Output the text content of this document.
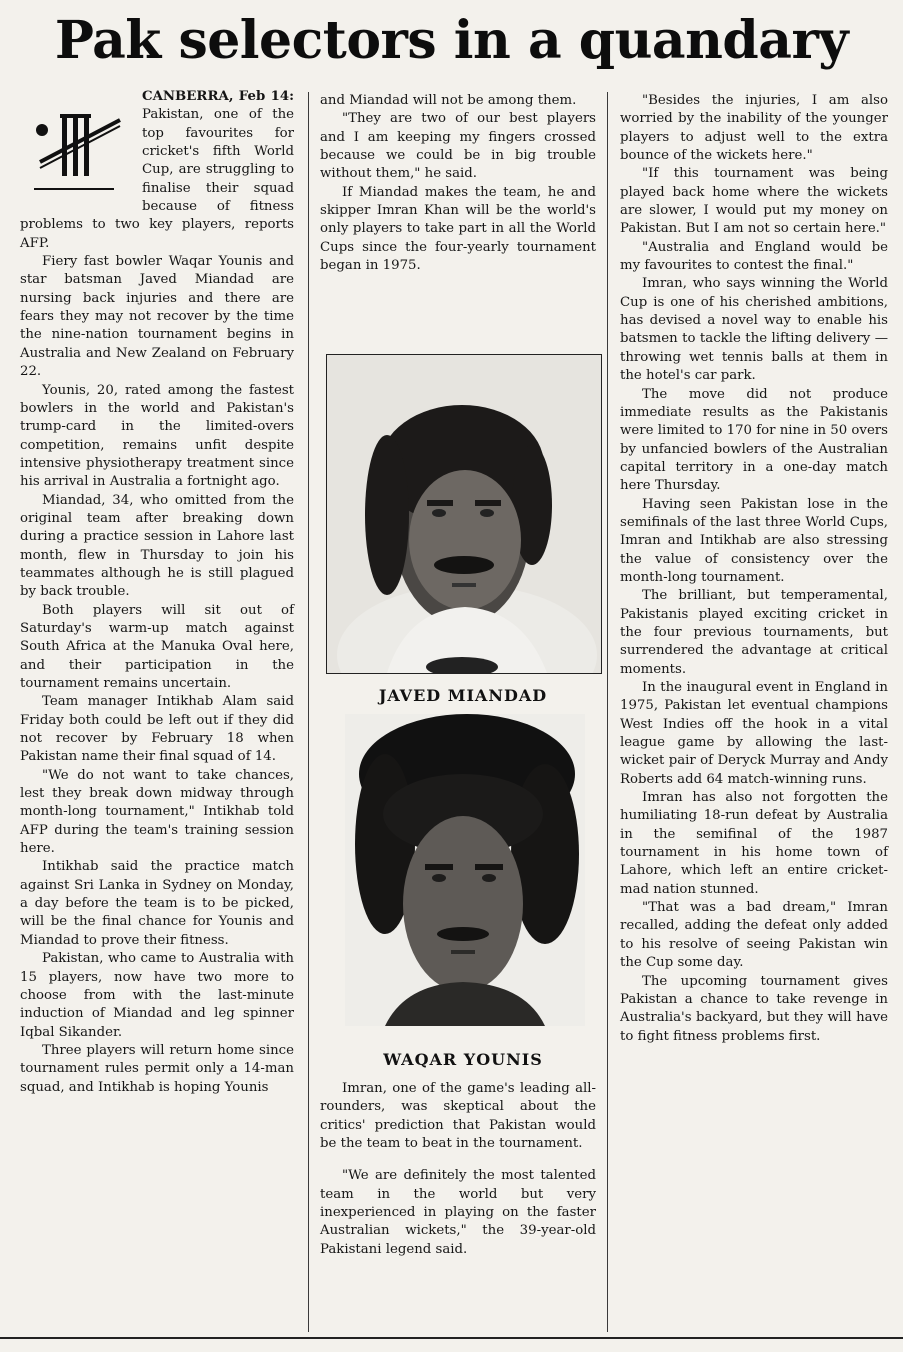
Pak selectors in a quandary

CANBERRA, Feb 14: Pakistan, one of the top favourites for cricket's fifth World Cup, are struggling to finalise their squad because of fitness problems to two key players, reports AFP.

Fiery fast bowler Waqar Younis and star batsman Javed Miandad are nursing back injuries and there are fears they may not recover by the time the nine-nation tournament begins in Australia and New Zealand on February 22.

Younis, 20, rated among the fastest bowlers in the world and Pakistan's trump-card in the limited-overs competition, remains unfit despite intensive physiotherapy treatment since his arrival in Australia a fortnight ago.

Miandad, 34, who omitted from the original team after breaking down during a practice session in Lahore last month, flew in Thursday to join his teammates although he is still plagued by back trouble.

Both players will sit out of Saturday's warm-up match against South Africa at the Manuka Oval here, and their participation in the tournament remains uncertain.

Team manager Intikhab Alam said Friday both could be left out if they did not recover by February 18 when Pakistan name their final squad of 14.

"We do not want to take chances, lest they break down midway through month-long tournament," Intikhab told AFP during the team's training session here.

Intikhab said the practice match against Sri Lanka in Sydney on Monday, a day before the team is to be picked, will be the final chance for Younis and Miandad to prove their fitness.

Pakistan, who came to Australia with 15 players, now have two more to choose from with the last-minute induction of Miandad and leg spinner Iqbal Sikander.

Three players will return home since tournament rules permit only a 14-man squad, and Intikhab is hoping Younis

and Miandad will not be among them.

"They are two of our best players and I am keeping my fingers crossed because we could be in big trouble without them," he said.

If Miandad makes the team, he and skipper Imran Khan will be the world's only players to take part in all the World Cups since the four-yearly tournament began in 1975.

JAVED MIANDAD
WAQAR YOUNIS

Imran, one of the game's leading all-rounders, was skeptical about the critics' prediction that Pakistan would be the team to beat in the tournament.

"We are definitely the most talented team in the world but very inexperienced in playing on the faster Australian wickets," the 39-year-old Pakistani legend said.

"Besides the injuries, I am also worried by the inability of the younger players to adjust well to the extra bounce of the wickets here."

"If this tournament was being played back home where the wickets are slower, I would put my money on Pakistan. But I am not so certain here."

"Australia and England would be my favourites to contest the final."

Imran, who says winning the World Cup is one of his cherished ambitions, has devised a novel way to enable his batsmen to tackle the lifting delivery — throwing wet tennis balls at them in the hotel's car park.

The move did not produce immediate results as the Pakistanis were limited to 170 for nine in 50 overs by unfancied bowlers of the Australian capital territory in a one-day match here Thursday.

Having seen Pakistan lose in the semifinals of the last three World Cups, Imran and Intikhab are also stressing the value of consistency over the month-long tournament.

The brilliant, but temperamental, Pakistanis played exciting cricket in the four previous tournaments, but surrendered the advantage at critical moments.

In the inaugural event in England in 1975, Pakistan let eventual champions West Indies off the hook in a vital league game by allowing the last-wicket pair of Deryck Murray and Andy Roberts add 64 match-winning runs.

Imran has also not forgotten the humiliating 18-run defeat by Australia in the semifinal of the 1987 tournament in his home town of Lahore, which left an entire cricket-mad nation stunned.

"That was a bad dream," Imran recalled, adding the defeat only added to his resolve of seeing Pakistan win the Cup some day.

The upcoming tournament gives Pakistan a chance to take revenge in Australia's backyard, but they will have to fight fitness problems first.
